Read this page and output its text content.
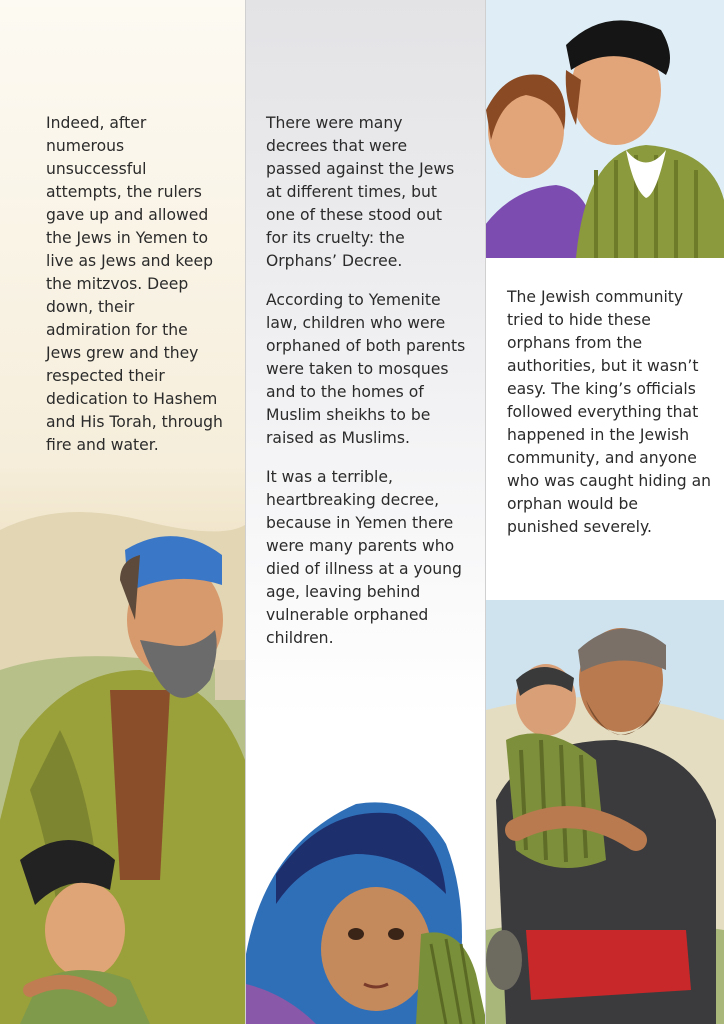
Indeed, after numerous unsuccessful attempts, the rulers gave up and allowed the Jews in Yemen to live as Jews and keep the mitzvos. Deep down, their admiration for the Jews grew and they respected their dedication to Hashem and His Torah, through fire and water.

There were many decrees that were passed against the Jews at different times, but one of these stood out for its cruelty: the Orphans’ Decree.

According to Yemenite law, children who were orphaned of both parents were taken to mosques and to the homes of Muslim sheikhs to be raised as Muslims.

It was a terrible, heartbreaking decree, because in Yemen there were many parents who died of illness at a young age, leaving behind vulnerable orphaned children.

The Jewish community tried to hide these orphans from the authorities, but it wasn’t easy. The king’s officials followed everything that happened in the Jewish community, and anyone who was caught hiding an orphan would be punished severely.
